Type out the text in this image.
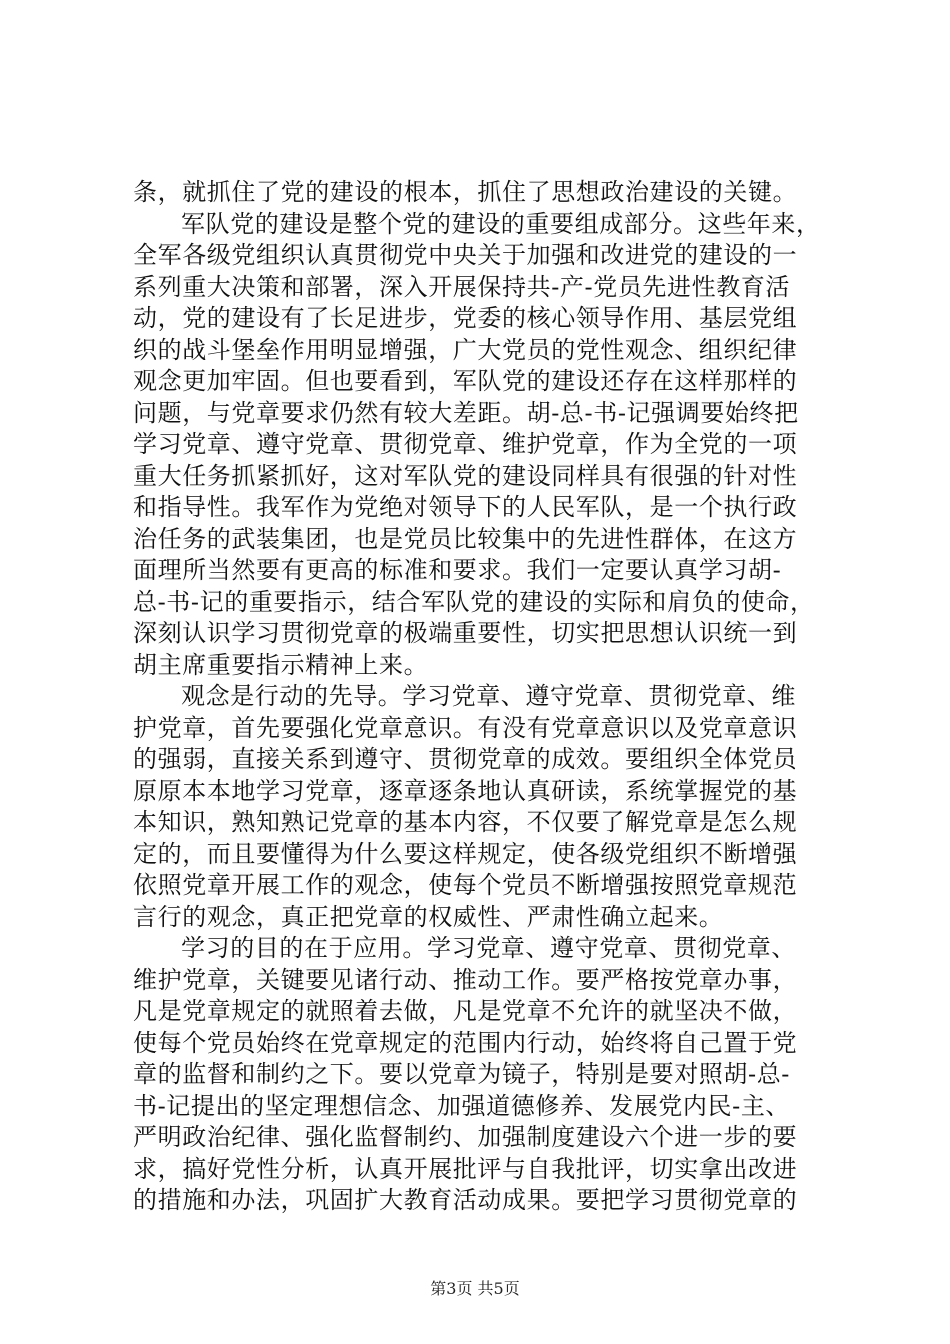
条，就抓住了党的建设的根本，抓住了思想政治建设的关键。
军队党的建设是整个党的建设的重要组成部分。这些年来，
全军各级党组织认真贯彻党中央关于加强和改进党的建设的一
系列重大决策和部署，深入开展保持共-产-党员先进性教育活
动，党的建设有了长足进步，党委的核心领导作用、基层党组
织的战斗堡垒作用明显增强，广大党员的党性观念、组织纪律
观念更加牢固。但也要看到，军队党的建设还存在这样那样的
问题，与党章要求仍然有较大差距。胡-总-书-记强调要始终把
学习党章、遵守党章、贯彻党章、维护党章，作为全党的一项
重大任务抓紧抓好，这对军队党的建设同样具有很强的针对性
和指导性。我军作为党绝对领导下的人民军队，是一个执行政
治任务的武装集团，也是党员比较集中的先进性群体，在这方
面理所当然要有更高的标准和要求。我们一定要认真学习胡-
总-书-记的重要指示，结合军队党的建设的实际和肩负的使命，
深刻认识学习贯彻党章的极端重要性，切实把思想认识统一到
胡主席重要指示精神上来。
观念是行动的先导。学习党章、遵守党章、贯彻党章、维
护党章，首先要强化党章意识。有没有党章意识以及党章意识
的强弱，直接关系到遵守、贯彻党章的成效。要组织全体党员
原原本本地学习党章，逐章逐条地认真研读，系统掌握党的基
本知识，熟知熟记党章的基本内容，不仅要了解党章是怎么规
定的，而且要懂得为什么要这样规定，使各级党组织不断增强
依照党章开展工作的观念，使每个党员不断增强按照党章规范
言行的观念，真正把党章的权威性、严肃性确立起来。
学习的目的在于应用。学习党章、遵守党章、贯彻党章、
维护党章，关键要见诸行动、推动工作。要严格按党章办事，
凡是党章规定的就照着去做，凡是党章不允许的就坚决不做，
使每个党员始终在党章规定的范围内行动，始终将自己置于党
章的监督和制约之下。要以党章为镜子，特别是要对照胡-总-
书-记提出的坚定理想信念、加强道德修养、发展党内民-主、
严明政治纪律、强化监督制约、加强制度建设六个进一步的要
求，搞好党性分析，认真开展批评与自我批评，切实拿出改进
的措施和办法，巩固扩大教育活动成果。要把学习贯彻党章的
第3页 共5页
